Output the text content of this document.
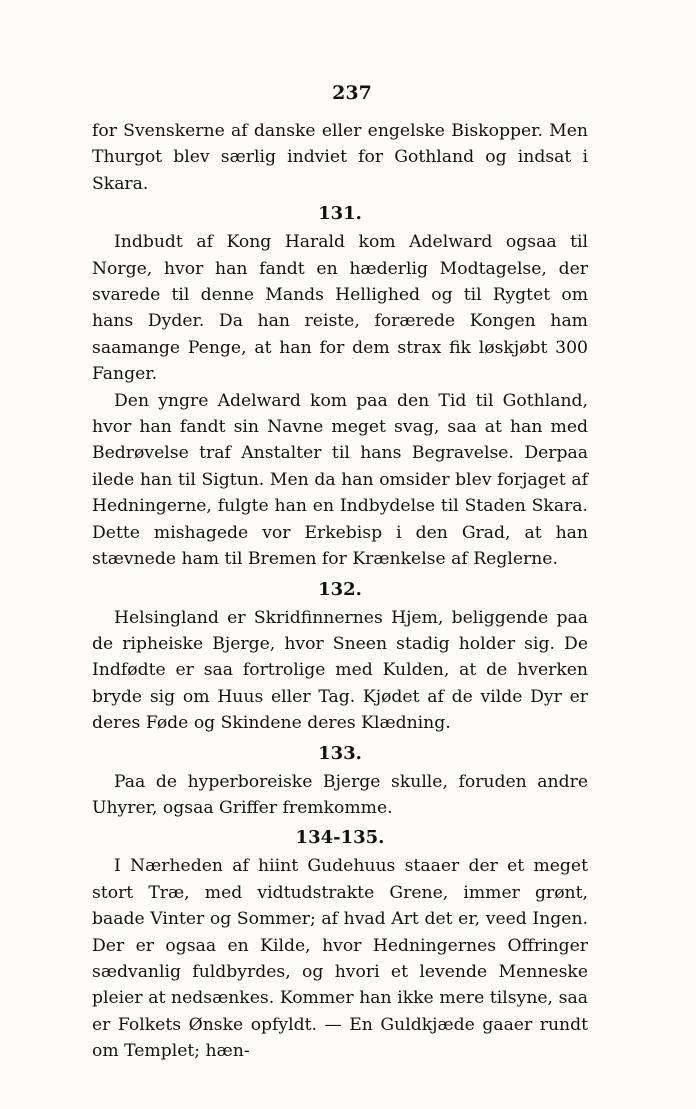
237

for Svenskerne af danske eller engelske Biskopper. Men Thurgot blev særlig indviet for Gothland og indsat i Skara.

131.

Indbudt af Kong Harald kom Adelward ogsaa til Norge, hvor han fandt en hæderlig Modtagelse, der svarede til denne Mands Hellighed og til Rygtet om hans Dyder. Da han reiste, forærede Kongen ham saamange Penge, at han for dem strax fik løskjøbt 300 Fanger.

Den yngre Adelward kom paa den Tid til Gothland, hvor han fandt sin Navne meget svag, saa at han med Bedrøvelse traf Anstalter til hans Begravelse. Derpaa ilede han til Sigtun. Men da han omsider blev forjaget af Hedningerne, fulgte han en Indbydelse til Staden Skara. Dette mishagede vor Erkebisp i den Grad, at han stævnede ham til Bremen for Krænkelse af Reglerne.

132.

Helsingland er Skridfinnernes Hjem, beliggende paa de ripheiske Bjerge, hvor Sneen stadig holder sig. De Indfødte er saa fortrolige med Kulden, at de hverken bryde sig om Huus eller Tag. Kjødet af de vilde Dyr er deres Føde og Skindene deres Klædning.

133.

Paa de hyperboreiske Bjerge skulle, foruden andre Uhyrer, ogsaa Griffer fremkomme.

134-135.

I Nærheden af hiint Gudehuus staaer der et meget stort Træ, med vidtudstrakte Grene, immer grønt, baade Vinter og Sommer; af hvad Art det er, veed Ingen. Der er ogsaa en Kilde, hvor Hedningernes Offringer sædvanlig fuldbyrdes, og hvori et levende Menneske pleier at nedsænkes. Kommer han ikke mere tilsyne, saa er Folkets Ønske opfyldt. — En Guldkjæde gaaer rundt om Templet; hæn-
